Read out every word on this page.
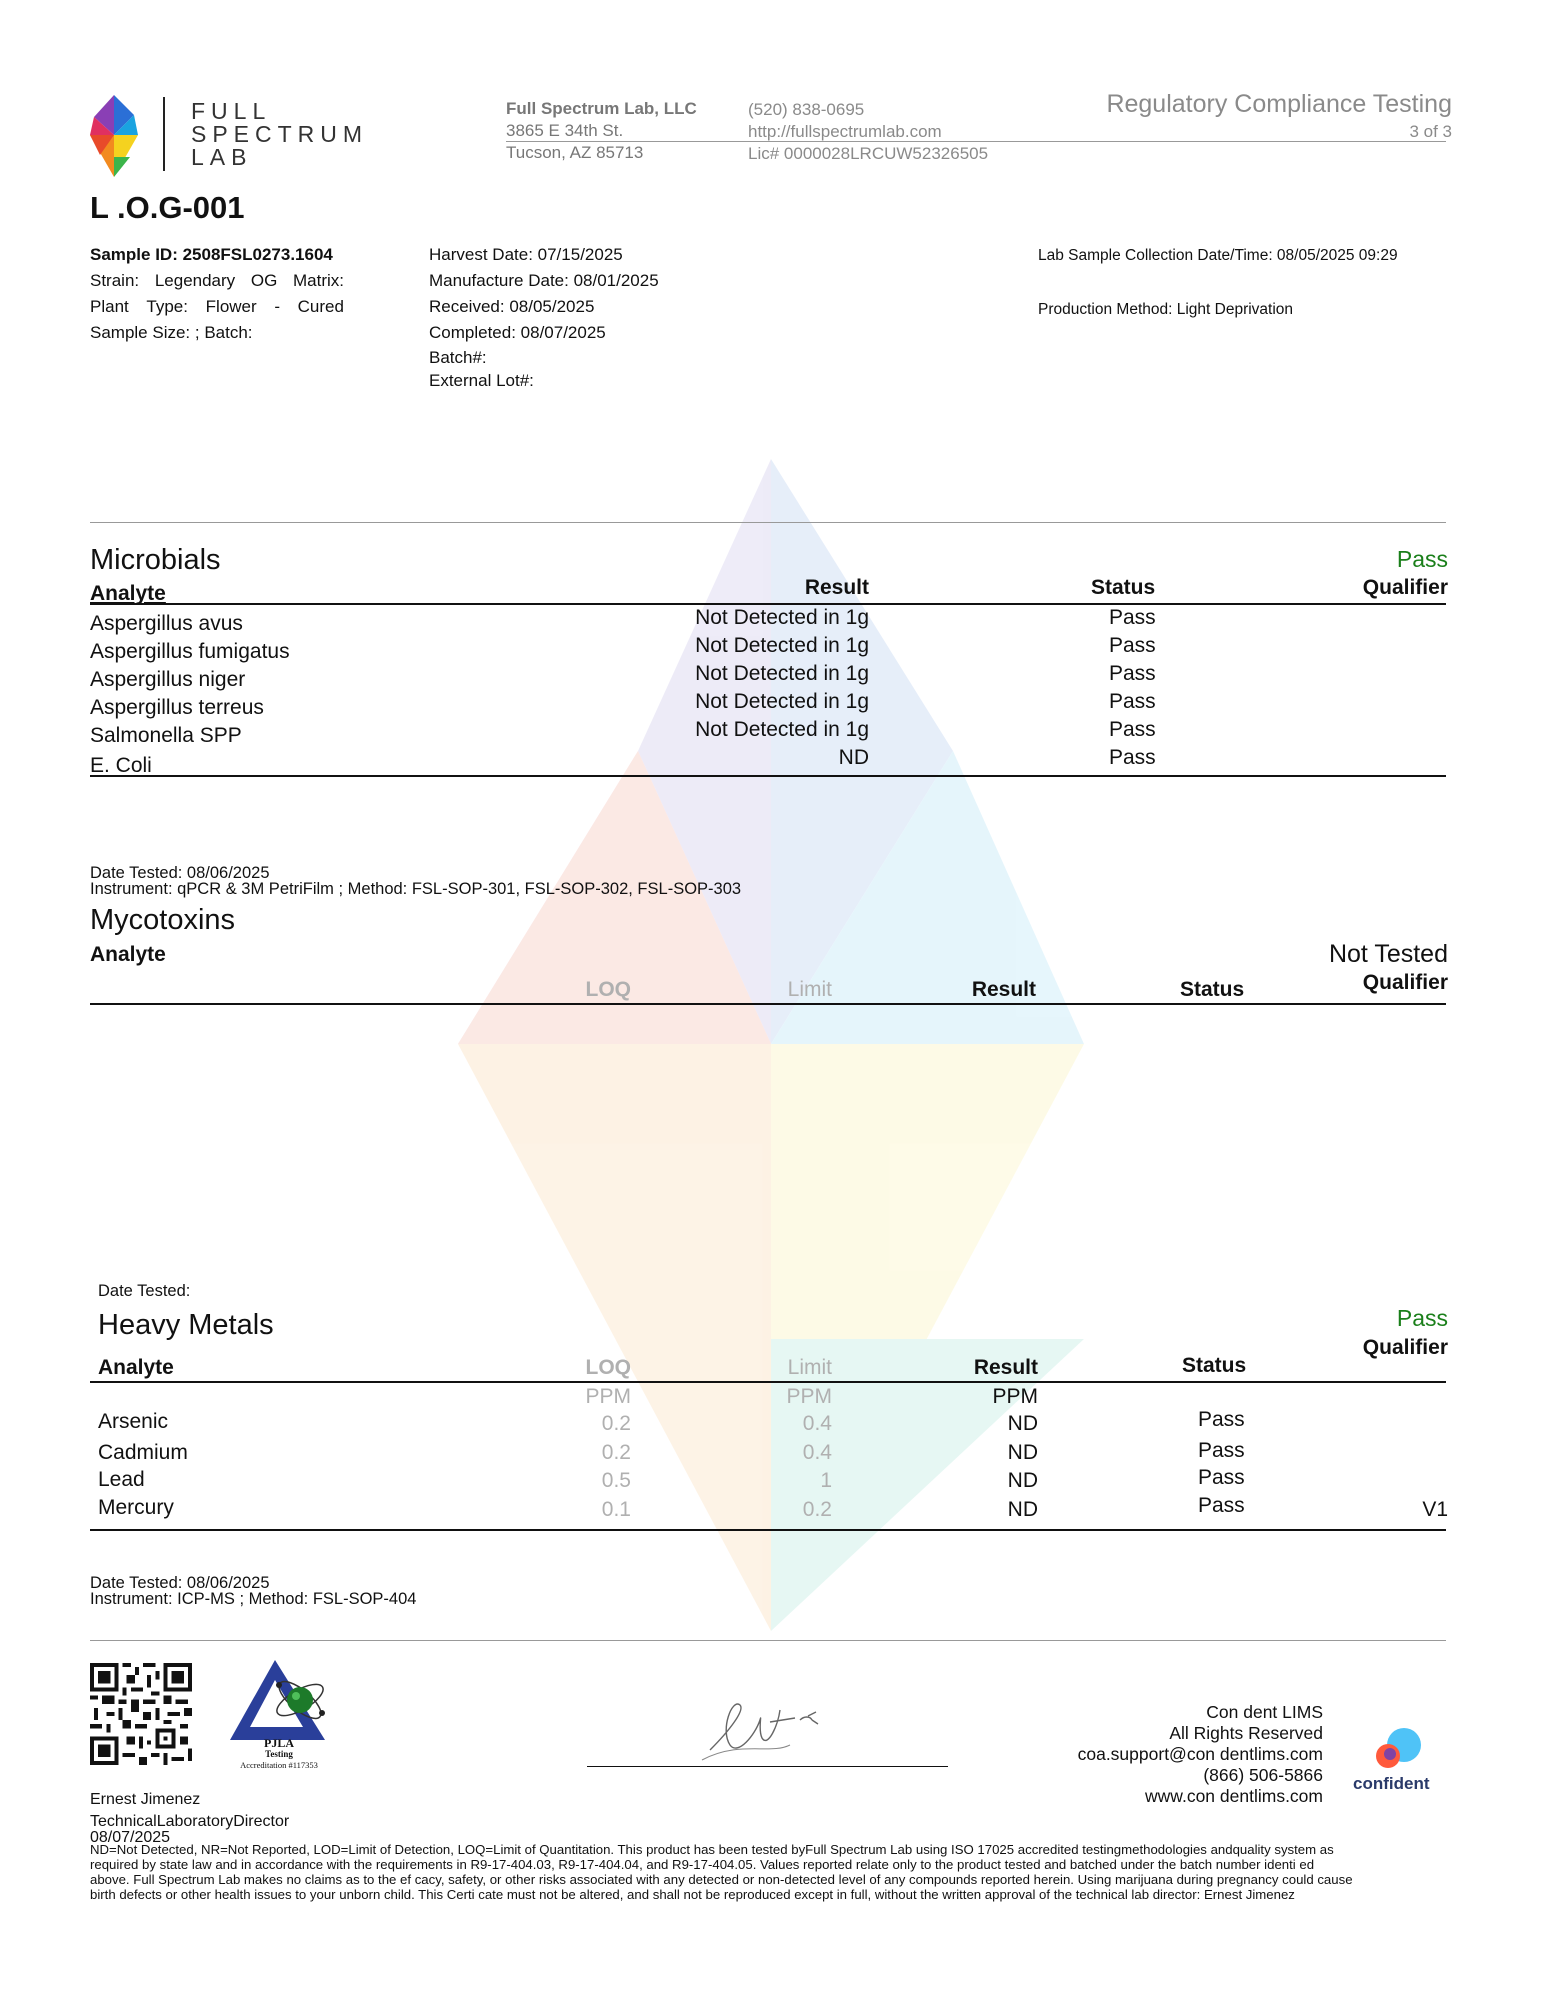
FULL
SPECTRUM
LAB
Full Spectrum Lab, LLC
3865 E 34th St.
Tucson, AZ 85713
(520) 838-0695
http://fullspectrumlab.com
Lic# 0000028LRCUW52326505
Regulatory Compliance Testing
3 of 3
L .O.G-001
Sample ID: 2508FSL0273.1604
Strain: Legendary OG Matrix:
Plant Type: Flower - Cured
Sample Size: ; Batch:
Harvest Date: 07/15/2025
Manufacture Date: 08/01/2025
Received: 08/05/2025
Completed: 08/07/2025
Batch#:
External Lot#:
Lab Sample Collection Date/Time: 08/05/2025 09:29
Production Method: Light Deprivation
Microbials	Pass
Analyte	Result	Status	Qualifier
Aspergillus avus	Not Detected in 1g	Pass
Aspergillus fumigatus	Not Detected in 1g	Pass
Aspergillus niger	Not Detected in 1g	Pass
Aspergillus terreus	Not Detected in 1g	Pass
Salmonella SPP	Not Detected in 1g	Pass
E. Coli	ND	Pass
Date Tested: 08/06/2025
Instrument: qPCR & 3M PetriFilm ; Method: FSL-SOP-301, FSL-SOP-302, FSL-SOP-303
Mycotoxins
Analyte	Not Tested
Qualifier
LOQ	Limit	Result	Status
Date Tested:
Heavy Metals	Pass
Qualifier
Analyte	LOQ	Limit	Result	Status
PPM	PPM	PPM
Arsenic	0.2	0.4	ND	Pass
Cadmium	0.2	0.4	ND	Pass
Lead	0.5	1	ND	Pass
Mercury	0.1	0.2	ND	Pass	V1
Date Tested: 08/06/2025
Instrument: ICP-MS ; Method: FSL-SOP-404
PJLA
Testing
Accreditation #117353
Con dent LIMS
All Rights Reserved
coa.support@con dentlims.com
(866) 506-5866
www.con dentlims.com
confident
Ernest Jimenez
TechnicalLaboratoryDirector
08/07/2025
ND=Not Detected, NR=Not Reported, LOD=Limit of Detection, LOQ=Limit of Quantitation. This product has been tested byFull Spectrum Lab using ISO 17025 accredited testingmethodologies andquality system as
required by state law and in accordance with the requirements in R9-17-404.03, R9-17-404.04, and R9-17-404.05. Values reported relate only to the product tested and batched under the batch number identi ed
above. Full Spectrum Lab makes no claims as to the ef cacy, safety, or other risks associated with any detected or non-detected level of any compounds reported herein. Using marijuana during pregnancy could cause
birth defects or other health issues to your unborn child. This Certi cate must not be altered, and shall not be reproduced except in full, without the written approval of the technical lab director: Ernest Jimenez
